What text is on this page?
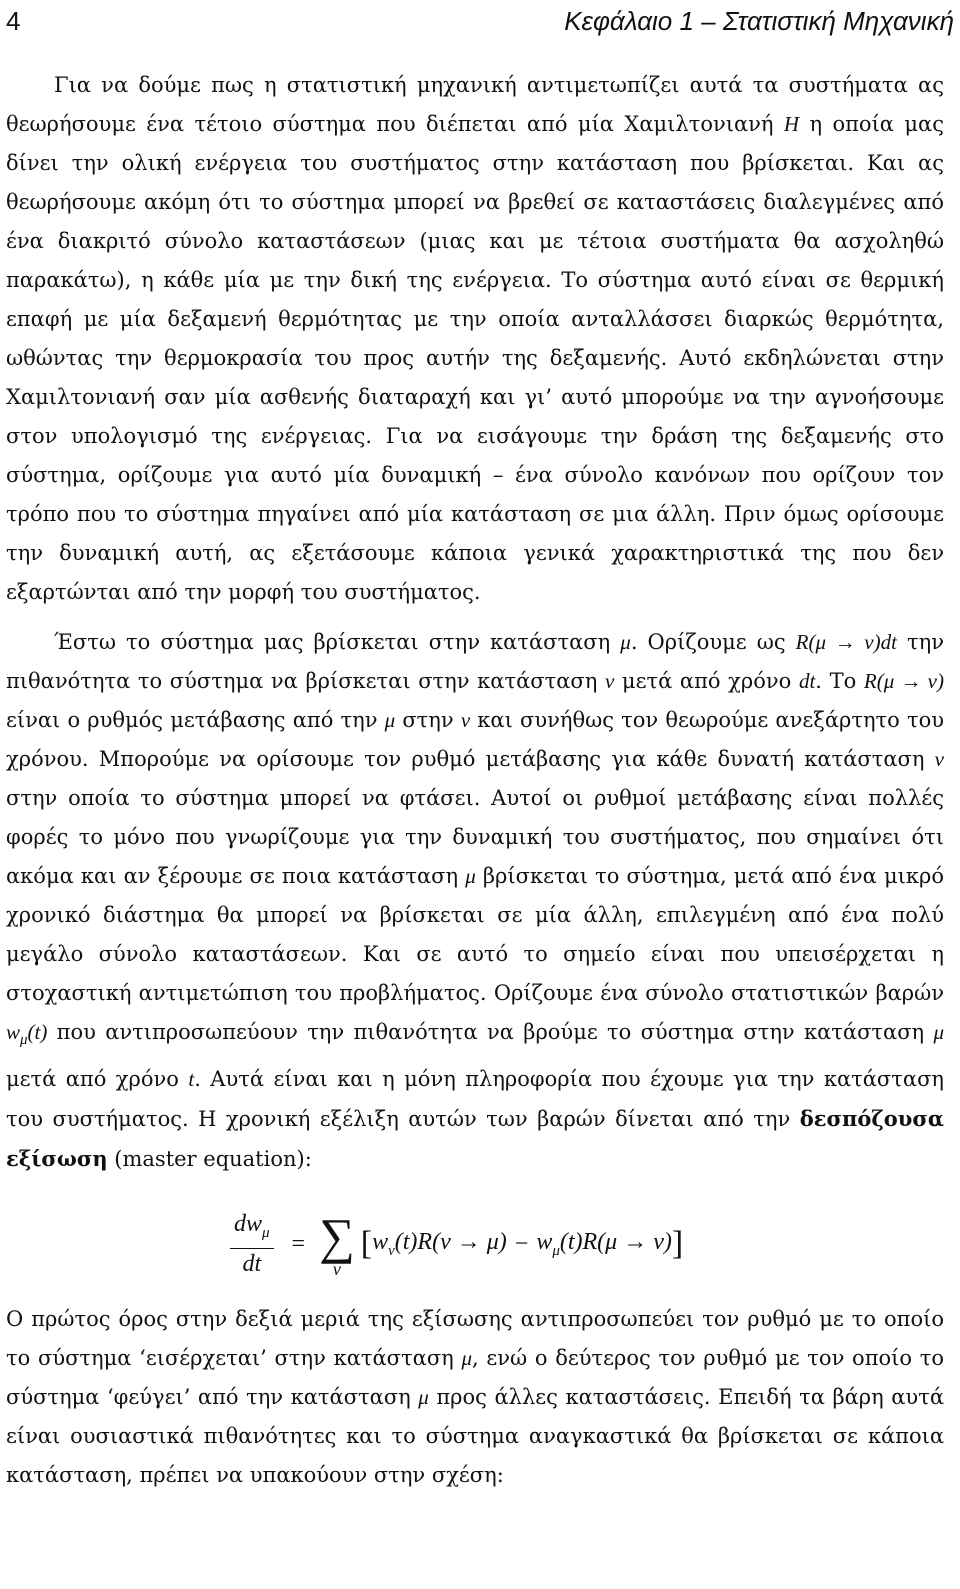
4	Κεφάλαιο 1 – Στατιστική Μηχανική

Για να δούμε πως η στατιστική μηχανική αντιμετωπίζει αυτά τα συστήματα ας θεωρήσουμε ένα τέτοιο σύστημα που διέπεται από μία Χαμιλτονιανή H η οποία μας δίνει την ολική ενέργεια του συστήματος στην κατάσταση που βρίσκεται. Και ας θεωρήσουμε ακόμη ότι το σύστημα μπορεί να βρεθεί σε καταστάσεις διαλεγμένες από ένα διακριτό σύνολο καταστάσεων (μιας και με τέτοια συστήματα θα ασχοληθώ παρακάτω), η κάθε μία με την δική της ενέργεια. Το σύστημα αυτό είναι σε θερμική επαφή με μία δεξαμενή θερμότητας με την οποία ανταλλάσσει διαρκώς θερμότητα, ωθώντας την θερμοκρασία του προς αυτήν της δεξαμενής. Αυτό εκδηλώνεται στην Χαμιλτονιανή σαν μία ασθενής διαταραχή και γι’ αυτό μπορούμε να την αγνοήσουμε στον υπολογισμό της ενέργειας. Για να εισάγουμε την δράση της δεξαμενής στο σύστημα, ορίζουμε για αυτό μία δυναμική – ένα σύνολο κανόνων που ορίζουν τον τρόπο που το σύστημα πηγαίνει από μία κατάσταση σε μια άλλη. Πριν όμως ορίσουμε την δυναμική αυτή, ας εξετάσουμε κάποια γενικά χαρακτηριστικά της που δεν εξαρτώνται από την μορφή του συστήματος.

Έστω το σύστημα μας βρίσκεται στην κατάσταση μ. Ορίζουμε ως R(μ → ν)dt την πιθανότητα το σύστημα να βρίσκεται στην κατάσταση ν μετά από χρόνο dt. Το R(μ → ν) είναι ο ρυθμός μετάβασης από την μ στην ν και συνήθως τον θεωρούμε ανεξάρτητο του χρόνου. Μπορούμε να ορίσουμε τον ρυθμό μετάβασης για κάθε δυνατή κατάσταση ν στην οποία το σύστημα μπορεί να φτάσει. Αυτοί οι ρυθμοί μετάβασης είναι πολλές φορές το μόνο που γνωρίζουμε για την δυναμική του συστήματος, που σημαίνει ότι ακόμα και αν ξέρουμε σε ποια κατάσταση μ βρίσκεται το σύστημα, μετά από ένα μικρό χρονικό διάστημα θα μπορεί να βρίσκεται σε μία άλλη, επιλεγμένη από ένα πολύ μεγάλο σύνολο καταστάσεων. Και σε αυτό το σημείο είναι που υπεισέρχεται η στοχαστική αντιμετώπιση του προβλήματος. Ορίζουμε ένα σύνολο στατιστικών βαρών $w_\mu(t)$ που αντιπροσωπεύουν την πιθανότητα να βρούμε το σύστημα στην κατάσταση μ μετά από χρόνο t. Αυτά είναι και η μόνη πληροφορία που έχουμε για την κατάσταση του συστήματος. Η χρονική εξέλιξη αυτών των βαρών δίνεται από την δεσπόζουσα εξίσωση (master equation):

$\frac{dw_\mu}{dt}$ = ∑
ν
[ $w_\nu(t)R(\nu \to \mu) - w_\mu(t)R(\mu \to \nu)$ ]

Ο πρώτος όρος στην δεξιά μεριά της εξίσωσης αντιπροσωπεύει τον ρυθμό με το οποίο το σύστημα ‘εισέρχεται’ στην κατάσταση μ, ενώ ο δεύτερος τον ρυθμό με τον οποίο το σύστημα ‘φεύγει’ από την κατάσταση μ προς άλλες καταστάσεις. Επειδή τα βάρη αυτά είναι ουσιαστικά πιθανότητες και το σύστημα αναγκαστικά θα βρίσκεται σε κάποια κατάσταση, πρέπει να υπακούουν στην σχέση:
